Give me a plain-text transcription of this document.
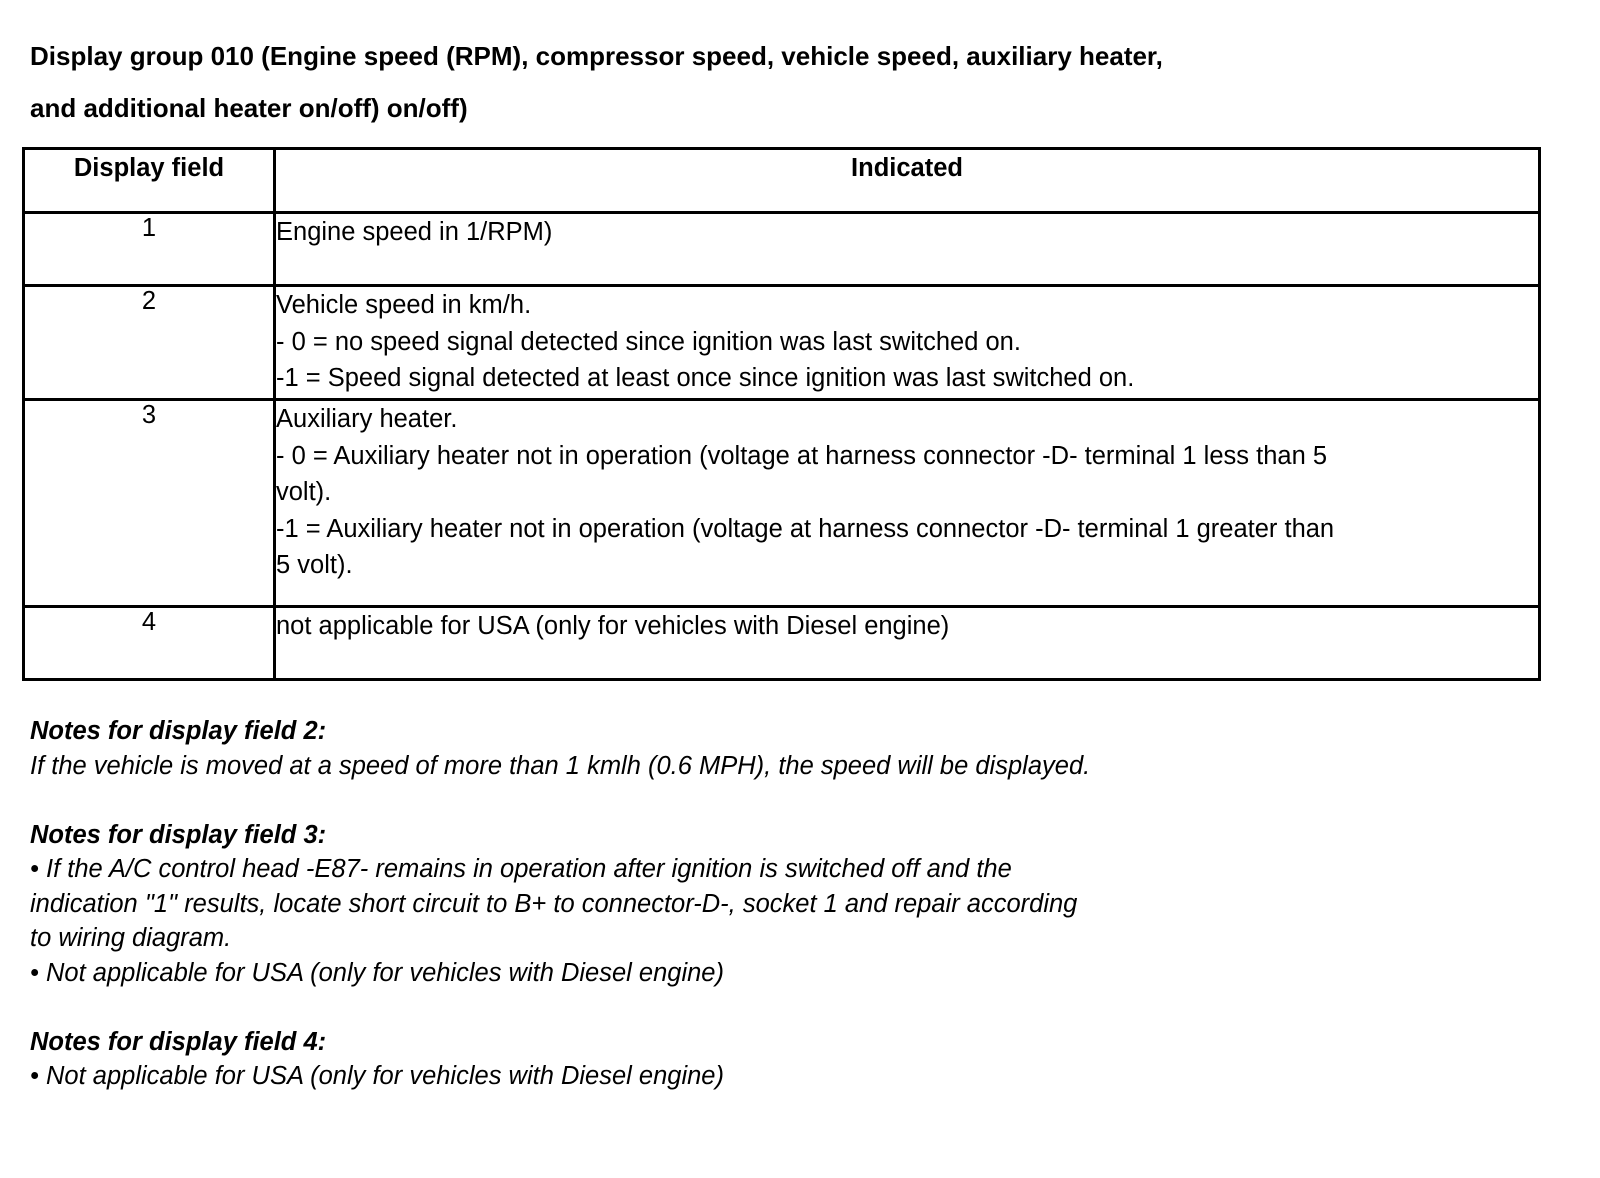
Display group 010 (Engine speed (RPM), compressor speed, vehicle speed, auxiliary heater,
and additional heater on/off) on/off)
Display field	Indicated
1	Engine speed in 1/RPM)

2	Vehicle speed in km/h.
- 0 = no speed signal detected since ignition was last switched on.
-1 = Speed signal detected at least once since ignition was last switched on.

3	Auxiliary heater.
- 0 = Auxiliary heater not in operation (voltage at harness connector -D- terminal 1 less than 5
volt).
-1 = Auxiliary heater not in operation (voltage at harness connector -D- terminal 1 greater than
5 volt).

4	not applicable for USA (only for vehicles with Diesel engine)
Notes for display field 2:
If the vehicle is moved at a speed of more than 1 kmlh (0.6 MPH), the speed will be displayed.
Notes for display field 3:
• If the A/C control head -E87- remains in operation after ignition is switched off and the
indication "1" results, locate short circuit to B+ to connector-D-, socket 1 and repair according
to wiring diagram.
• Not applicable for USA (only for vehicles with Diesel engine)
Notes for display field 4:
• Not applicable for USA (only for vehicles with Diesel engine)
